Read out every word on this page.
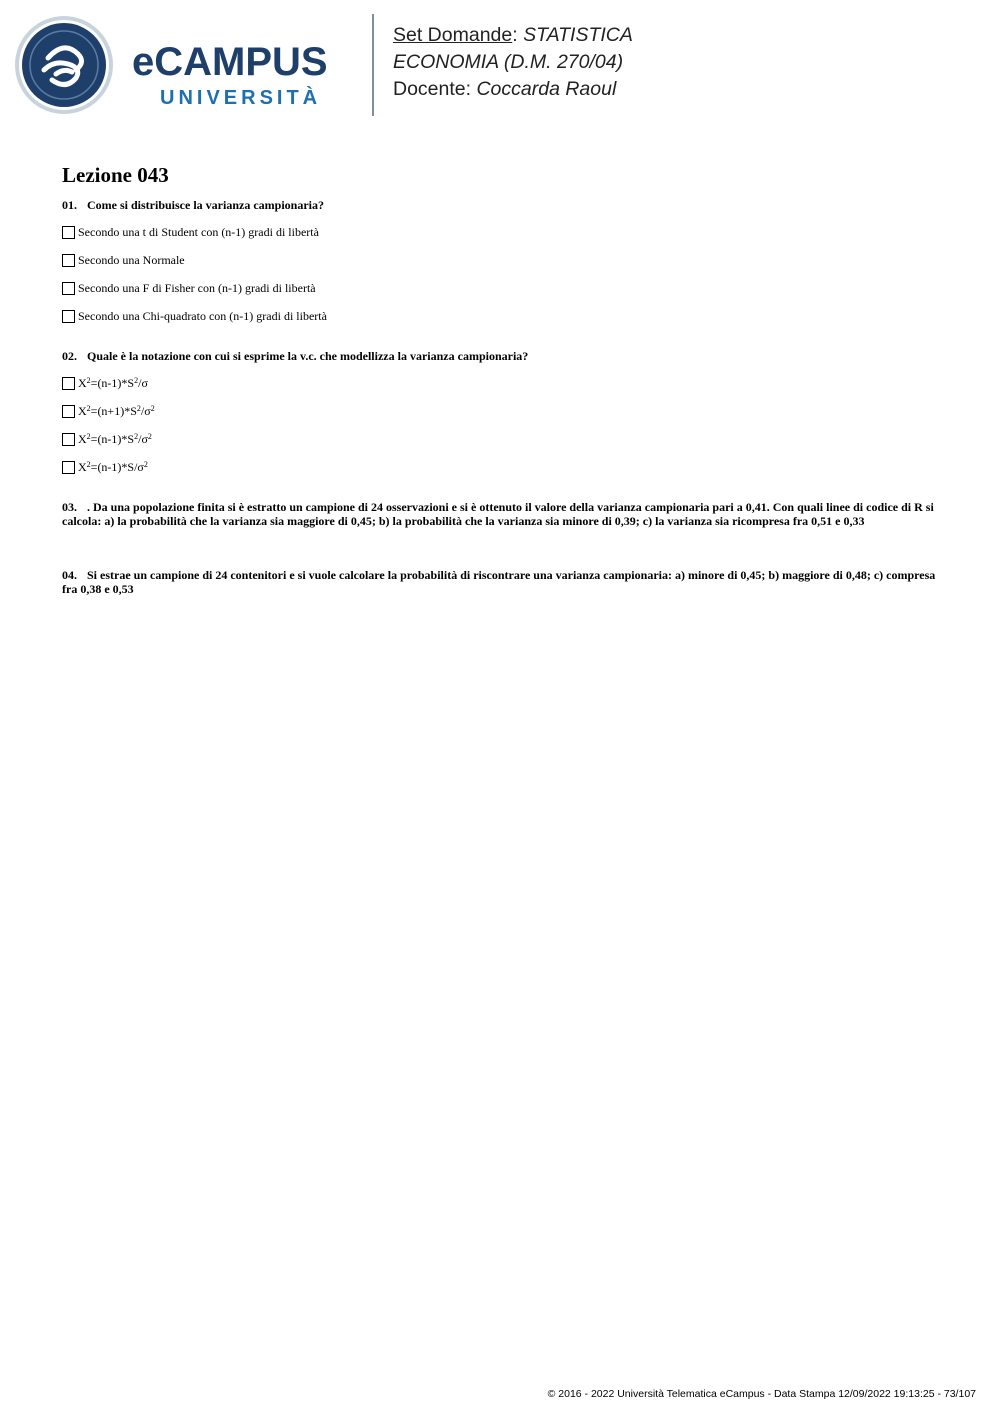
eCAMPUS
UNIVERSITÀ
Set Domande: STATISTICA
ECONOMIA (D.M. 270/04)
Docente: Coccarda Raoul
Lezione 043
01. Come si distribuisce la varianza campionaria?
Secondo una t di Student con (n-1) gradi di libertà
Secondo una Normale
Secondo una F di Fisher con (n-1) gradi di libertà
Secondo una Chi-quadrato con (n-1) gradi di libertà
02. Quale è la notazione con cui si esprime la v.c. che modellizza la varianza campionaria?
$X^2=(n-1)*S^2/\sigma$
$X^2=(n+1)*S^2/\sigma^2$
$X^2=(n-1)*S^2/\sigma^2$
$X^2=(n-1)*S/\sigma^2$
03. . Da una popolazione finita si è estratto un campione di 24 osservazioni e si è ottenuto il valore della varianza campionaria pari a 0,41. Con quali linee di codice di R si calcola: a) la probabilità che la varianza sia maggiore di 0,45; b) la probabilità che la varianza sia minore di 0,39; c) la varianza sia ricompresa fra 0,51 e 0,33
04. Si estrae un campione di 24 contenitori e si vuole calcolare la probabilità di riscontrare una varianza campionaria: a) minore di 0,45; b) maggiore di 0,48; c) compresa fra 0,38 e 0,53
© 2016 - 2022 Università Telematica eCampus - Data Stampa 12/09/2022 19:13:25 - 73/107
